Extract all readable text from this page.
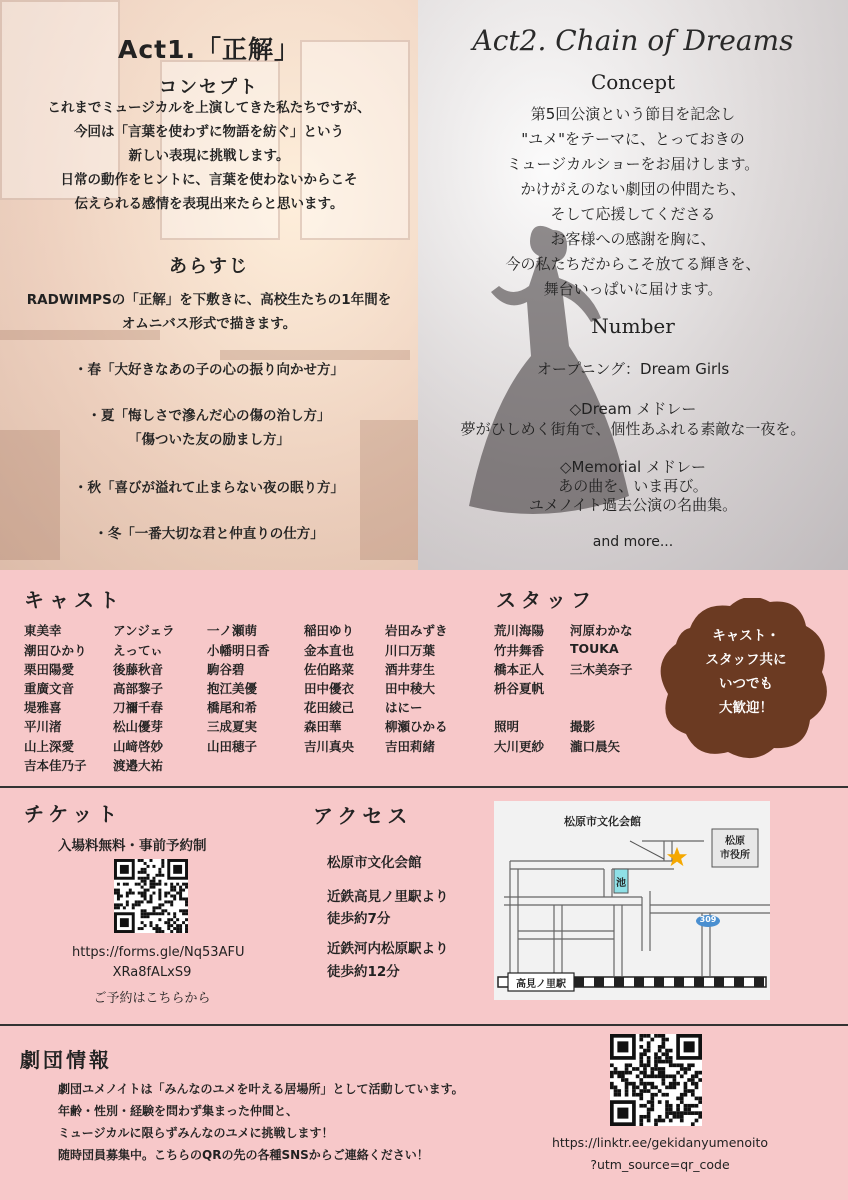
Act1.「正解」
コンセプト
これまでミュージカルを上演してきた私たちですが、
今回は「言葉を使わずに物語を紡ぐ」という
新しい表現に挑戦します。
日常の動作をヒントに、言葉を使わないからこそ
伝えられる感情を表現出来たらと思います。
あらすじ
RADWIMPSの「正解」を下敷きに、高校生たちの1年間を
オムニバス形式で描きます。
・春「大好きなあの子の心の振り向かせ方」
・夏「悔しさで滲んだ心の傷の治し方」
「傷ついた友の励まし方」
・秋「喜びが溢れて止まらない夜の眠り方」
・冬「一番大切な君と仲直りの仕方」
Act2. Chain of Dreams
Concept
第5回公演という節目を記念し
"ユメ"をテーマに、とっておきの
ミュージカルショーをお届けします。
かけがえのない劇団の仲間たち、
そして応援してくださる
お客様への感謝を胸に、
今の私たちだからこそ放てる輝きを、
舞台いっぱいに届けます。
Number
オープニング：Dream Girls
◇Dream メドレー
夢がひしめく街角で、個性あふれる素敵な一夜を。
◇Memorial メドレー
あの曲を、いま再び。
ユメノイト過去公演の名曲集。
and more...
キャスト
東美幸
潮田ひかり
栗田陽愛
重廣文音
堤雅喜
平川渚
山上深愛
吉本佳乃子
アンジェラ
えってぃ
後藤秋音
高部黎子
刀禰千春
松山優芽
山﨑啓妙
渡邉大祐
一ノ瀬萌
小幡明日香
駒谷碧
抱江美優
橋尾和希
三成夏実
山田穂子
稲田ゆり
金本直也
佐伯路菜
田中優衣
花田綾己
森田華
吉川真央
岩田みずき
川口万葉
酒井芽生
田中稜大
はにー
柳瀬ひかる
吉田莉緒
スタッフ
荒川海陽
竹井舞香
橋本正人
枡谷夏帆
河原わかな
TOUKA
三木美奈子
照明
大川更紗
撮影
瀧口晨矢
キャスト・
スタッフ共に
いつでも
大歓迎！
チケット
入場料無料・事前予約制
https://forms.gle/Nq53AFU
XRa8fALxS9
ご予約はこちらから
アクセス
松原市文化会館
近鉄高見ノ里駅より
徒歩約7分
近鉄河内松原駅より
徒歩約12分
松原市文化会館
松原
市役所
池
309
高見ノ里駅
劇団情報
劇団ユメノイトは「みんなのユメを叶える居場所」として活動しています。
年齢・性別・経験を問わず集まった仲間と、
ミュージカルに限らずみんなのユメに挑戦します！
随時団員募集中。こちらのQRの先の各種SNSからご連絡ください！
https://linktr.ee/gekidanyumenoito
?utm_source=qr_code
